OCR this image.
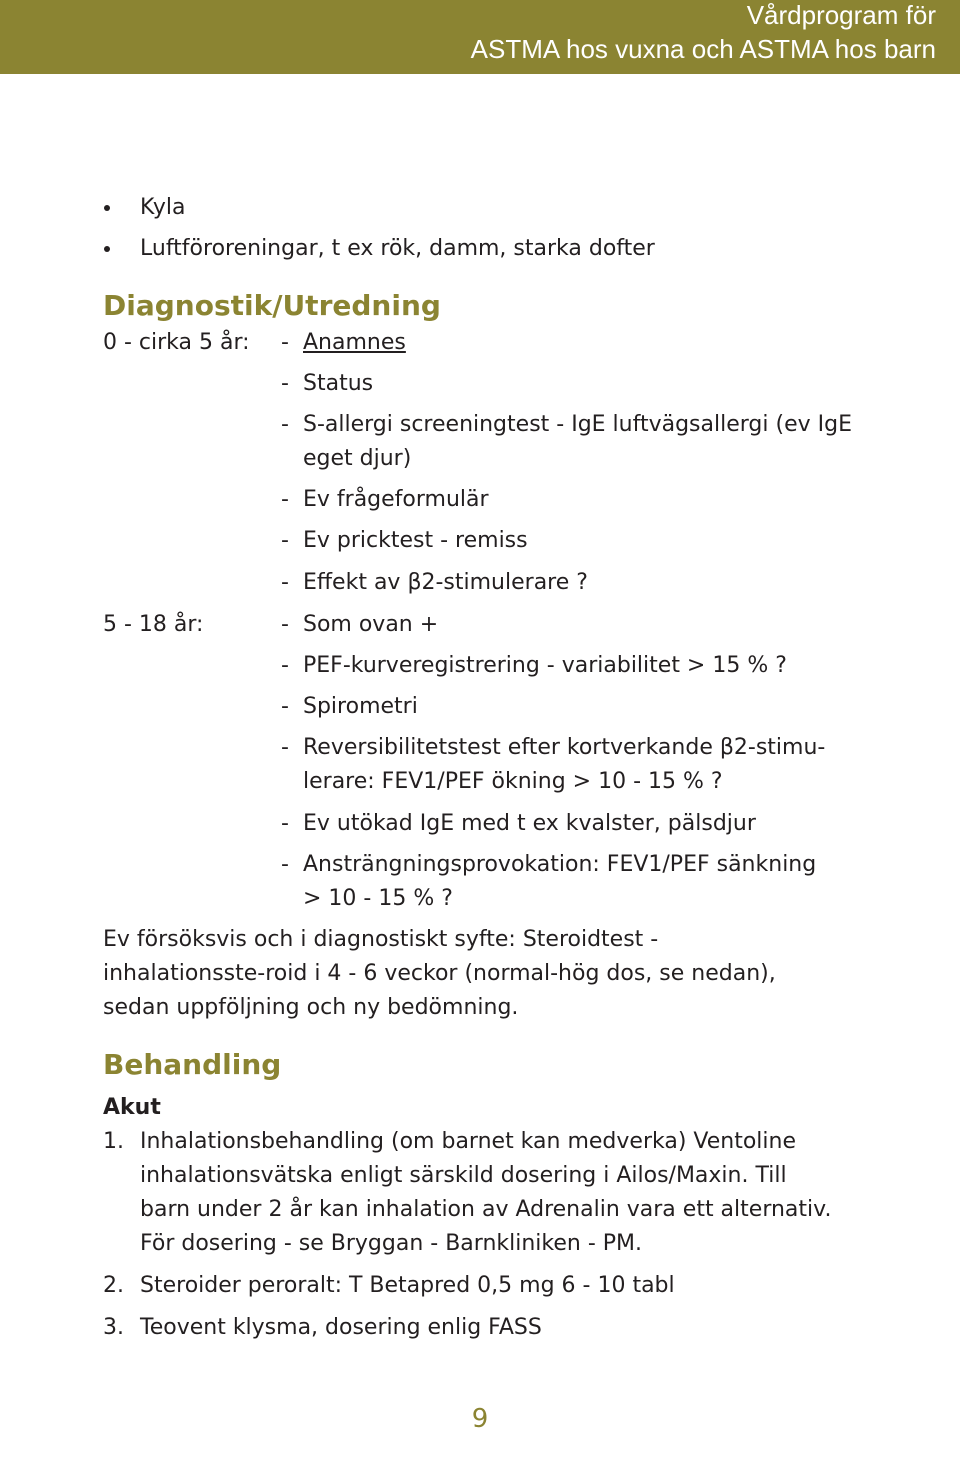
Vårdprogram för
ASTMA hos vuxna och ASTMA hos barn
Kyla
Luftföroreningar, t ex rök, damm, starka dofter
Diagnostik/Utredning
0 - cirka 5 år:
5 - 18 år:
- Anamnes
- Status
- S-allergi screeningtest - IgE luftvägsallergi (ev IgE
eget djur)
- Ev frågeformulär
- Ev pricktest - remiss
- Effekt av β2-stimulerare ?
- Som ovan +
- PEF-kurveregistrering - variabilitet > 15 % ?
- Spirometri
- Reversibilitetstest efter kortverkande β2-stimu-
lerare: FEV1/PEF ökning > 10 - 15 % ?
- Ev utökad IgE med t ex kvalster, pälsdjur
- Ansträngningsprovokation: FEV1/PEF sänkning
> 10 - 15 % ?
Ev försöksvis och i diagnostiskt syfte: Steroidtest - inhalationsste-roid i 4 - 6 veckor (normal-hög dos, se nedan), sedan uppföljning och ny bedömning.
Behandling
Akut
1. Inhalationsbehandling (om barnet kan medverka) Ventoline inhalationsvätska enligt särskild dosering i Ailos/Maxin. Till barn under 2 år kan inhalation av Adrenalin vara ett alternativ. För dosering - se Bryggan - Barnkliniken - PM.
2. Steroider peroralt: T Betapred 0,5 mg 6 - 10 tabl
3. Teovent klysma, dosering enlig FASS
9
